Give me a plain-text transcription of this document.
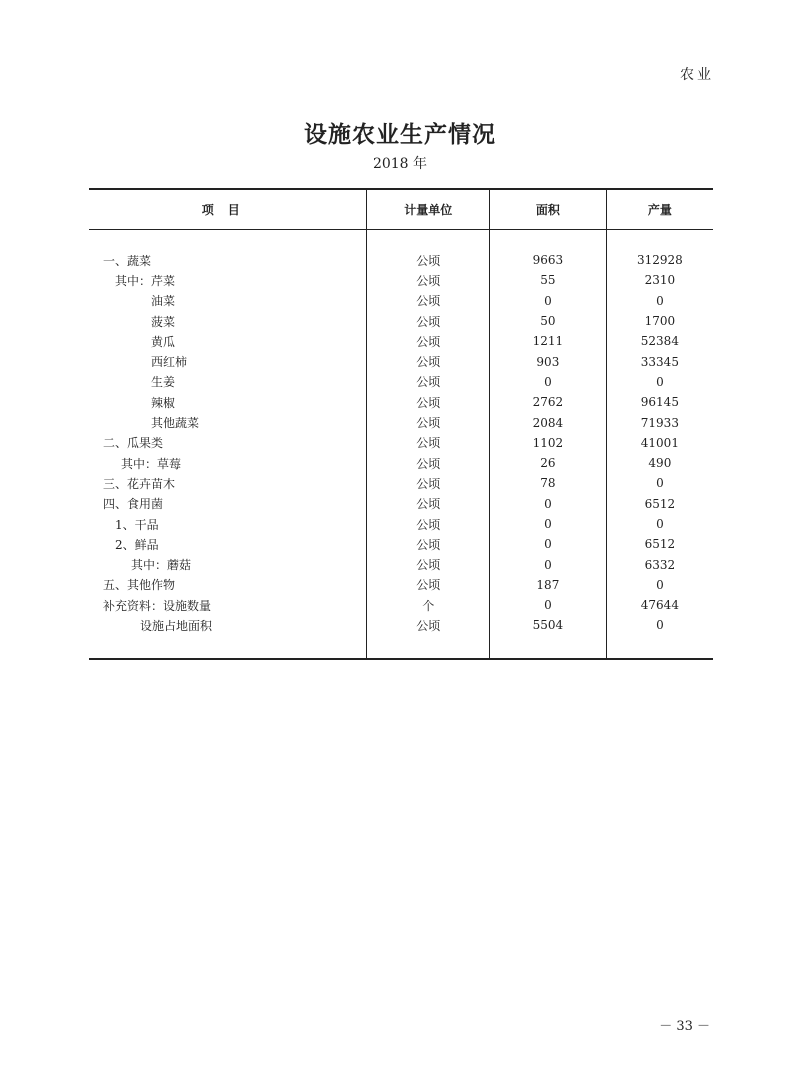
农业
设施农业生产情况
2018 年
项目	计量单位	面积	产量

一、蔬菜	公顷	9663	312928
其中：芹菜	公顷	55	2310
油菜	公顷	0	0
菠菜	公顷	50	1700
黄瓜	公顷	1211	52384
西红柿	公顷	903	33345
生姜	公顷	0	0
辣椒	公顷	2762	96145
其他蔬菜	公顷	2084	71933
二、瓜果类	公顷	1102	41001
其中：草莓	公顷	26	490
三、花卉苗木	公顷	78	0
四、食用菌	公顷	0	6512
1、干品	公顷	0	0
2、鲜品	公顷	0	6512
其中：蘑菇	公顷	0	6332
五、其他作物	公顷	187	0
补充资料：设施数量	个	0	47644
设施占地面积	公顷	5504	0

－ 33 －
